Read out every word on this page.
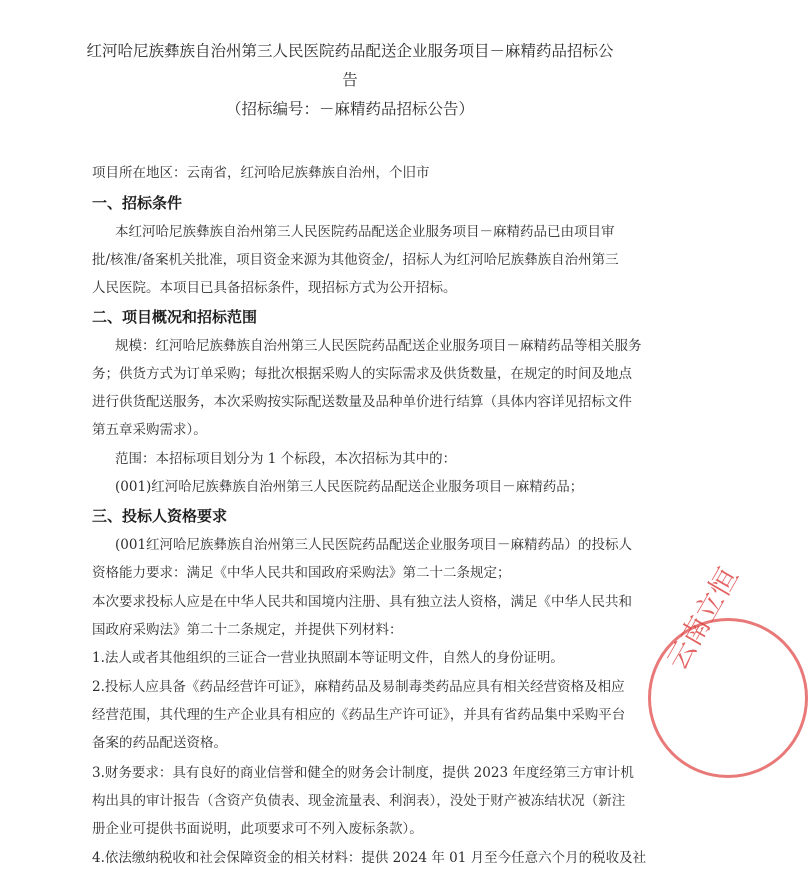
红河哈尼族彝族自治州第三人民医院药品配送企业服务项目－麻精药品招标公
告
（招标编号：－麻精药品招标公告）
项目所在地区：云南省，红河哈尼族彝族自治州，个旧市
一、招标条件
本红河哈尼族彝族自治州第三人民医院药品配送企业服务项目－麻精药品已由项目审
批/核准/备案机关批准，项目资金来源为其他资金/，招标人为红河哈尼族彝族自治州第三
人民医院。本项目已具备招标条件，现招标方式为公开招标。
二、项目概况和招标范围
规模：红河哈尼族彝族自治州第三人民医院药品配送企业服务项目－麻精药品等相关服务
务；供货方式为订单采购；每批次根据采购人的实际需求及供货数量，在规定的时间及地点
进行供货配送服务，本次采购按实际配送数量及品种单价进行结算（具体内容详见招标文件
第五章采购需求）。
范围：本招标项目划分为 1 个标段，本次招标为其中的：
(001)红河哈尼族彝族自治州第三人民医院药品配送企业服务项目－麻精药品；
三、投标人资格要求
(001红河哈尼族彝族自治州第三人民医院药品配送企业服务项目－麻精药品）的投标人
资格能力要求：满足《中华人民共和国政府采购法》第二十二条规定；
本次要求投标人应是在中华人民共和国境内注册、具有独立法人资格，满足《中华人民共和
国政府采购法》第二十二条规定，并提供下列材料：
1.法人或者其他组织的三证合一营业执照副本等证明文件，自然人的身份证明。
2.投标人应具备《药品经营许可证》，麻精药品及易制毒类药品应具有相关经营资格及相应
经营范围，其代理的生产企业具有相应的《药品生产许可证》，并具有省药品集中采购平台
备案的药品配送资格。
3.财务要求：具有良好的商业信誉和健全的财务会计制度，提供 2023 年度经第三方审计机
构出具的审计报告（含资产负债表、现金流量表、利润表），没处于财产被冻结状况（新注
册企业可提供书面说明，此项要求可不列入废标条款）。
4.依法缴纳税收和社会保障资金的相关材料：提供 2024 年 01 月至今任意六个月的税收及社
云南立恒
